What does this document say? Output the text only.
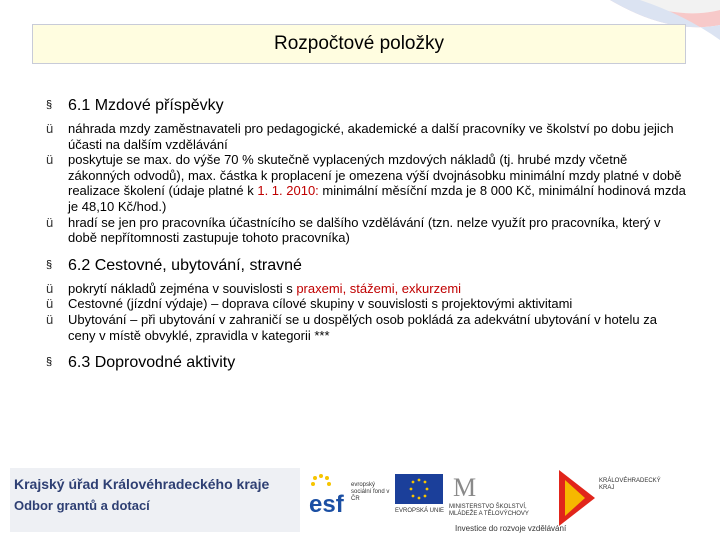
Rozpočtové položky
§ 6.1 Mzdové příspěvky
ü	náhrada mzdy zaměstnavateli pro pedagogické, akademické a další pracovníky ve školství po dobu jejich účasti na dalším vzdělávání
ü	poskytuje se max. do výše 70 % skutečně vyplacených mzdových nákladů (tj. hrubé mzdy včetně zákonných odvodů), max. částka k proplacení je omezena výší dvojnásobku minimální mzdy platné v době realizace školení (údaje platné k 1. 1. 2010: minimální měsíční mzda je 8 000 Kč, minimální hodinová mzda je 48,10 Kč/hod.)
ü	hradí se jen pro pracovníka účastnícího se dalšího vzdělávání (tzn. nelze využít pro pracovníka, který v době nepřítomnosti zastupuje tohoto pracovníka)
§ 6.2 Cestovné, ubytování, stravné
ü	pokrytí nákladů zejména v souvislosti s praxemi, stážemi, exkurzemi
ü	Cestovné (jízdní výdaje) – doprava cílové skupiny v souvislosti s projektovými aktivitami
ü	Ubytování – při ubytování v zahraničí se u dospělých osob pokládá za adekvátní ubytování v hotelu za ceny v místě obvyklé, zpravidla v kategorii ***
§ 6.3 Doprovodné aktivity
Krajský úřad Královéhradeckého kraje
Odbor grantů a dotací	esf
evropský sociální fond v ČR
EVROPSKÁ UNIE
M
MINISTERSTVO ŠKOLSTVÍ, MLÁDEŽE A TĚLOVÝCHOVY
KRÁLOVÉHRADECKÝ KRAJ
Investice do rozvoje vzdělávání
